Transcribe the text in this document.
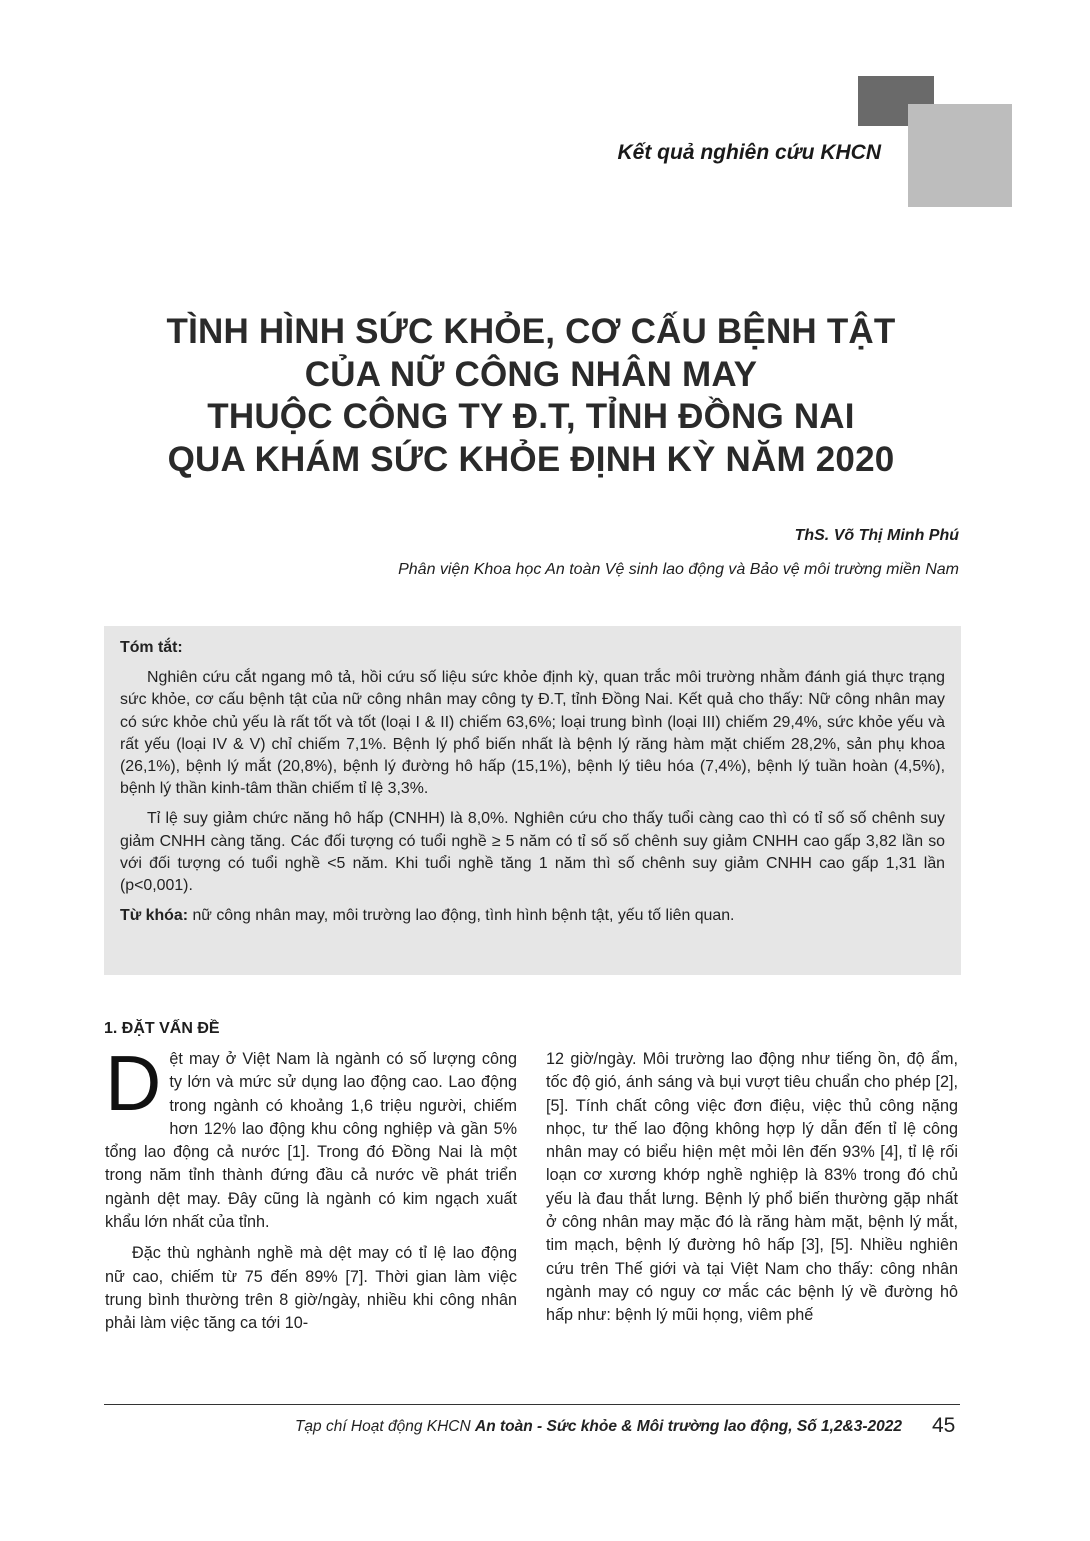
Kết quả nghiên cứu KHCN
TÌNH HÌNH SỨC KHỎE, CƠ CẤU BỆNH TẬT
CỦA NỮ CÔNG NHÂN MAY
THUỘC CÔNG TY Đ.T, TỈNH ĐỒNG NAI
QUA KHÁM SỨC KHỎE ĐỊNH KỲ NĂM 2020
ThS. Võ Thị Minh Phú
Phân viện Khoa học An toàn Vệ sinh lao động và Bảo vệ môi trường miền Nam
Tóm tắt:

Nghiên cứu cắt ngang mô tả, hồi cứu số liệu sức khỏe định kỳ, quan trắc môi trường nhằm đánh giá thực trạng sức khỏe, cơ cấu bệnh tật của nữ công nhân may công ty Đ.T, tỉnh Đồng Nai. Kết quả cho thấy: Nữ công nhân may có sức khỏe chủ yếu là rất tốt và tốt (loại I & II) chiếm 63,6%; loại trung bình (loại III) chiếm 29,4%, sức khỏe yếu và rất yếu (loại IV & V) chỉ chiếm 7,1%. Bệnh lý phổ biến nhất là bệnh lý răng hàm mặt chiếm 28,2%, sản phụ khoa (26,1%), bệnh lý mắt (20,8%), bệnh lý đường hô hấp (15,1%), bệnh lý tiêu hóa (7,4%), bệnh lý tuần hoàn (4,5%), bệnh lý thần kinh-tâm thần chiếm tỉ lệ 3,3%.

Tỉ lệ suy giảm chức năng hô hấp (CNHH) là 8,0%. Nghiên cứu cho thấy tuổi càng cao thì có tỉ số số chênh suy giảm CNHH càng tăng. Các đối tượng có tuổi nghề ≥ 5 năm có tỉ số số chênh suy giảm CNHH cao gấp 3,82 lần so với đối tượng có tuổi nghề <5 năm. Khi tuổi nghề tăng 1 năm thì số chênh suy giảm CNHH cao gấp 1,31 lần (p<0,001).

Từ khóa: nữ công nhân may, môi trường lao động, tình hình bệnh tật, yếu tố liên quan.

1. ĐẶT VẤN ĐỀ

Dệt may ở Việt Nam là ngành có số lượng công ty lớn và mức sử dụng lao động cao. Lao động trong ngành có khoảng 1,6 triệu người, chiếm hơn 12% lao động khu công nghiệp và gần 5% tổng lao động cả nước [1]. Trong đó Đồng Nai là một trong năm tỉnh thành đứng đầu cả nước về phát triển ngành dệt may. Đây cũng là ngành có kim ngạch xuất khẩu lớn nhất của tỉnh.

Đặc thù nghành nghề mà dệt may có tỉ lệ lao động nữ cao, chiếm từ 75 đến 89% [7]. Thời gian làm việc trung bình thường trên 8 giờ/ngày, nhiều khi công nhân phải làm việc tăng ca tới 10-

12 giờ/ngày. Môi trường lao động như tiếng ồn, độ ẩm, tốc độ gió, ánh sáng và bụi vượt tiêu chuẩn cho phép [2], [5]. Tính chất công việc đơn điệu, việc thủ công nặng nhọc, tư thế lao động không hợp lý dẫn đến tỉ lệ công nhân may có biểu hiện mệt mỏi lên đến 93% [4], tỉ lệ rối loạn cơ xương khớp nghề nghiệp là 83% trong đó chủ yếu là đau thắt lưng. Bệnh lý phổ biến thường gặp nhất ở công nhân may mặc đó là răng hàm mặt, bệnh lý mắt, tim mạch, bệnh lý đường hô hấp [3], [5]. Nhiều nghiên cứu trên Thế giới và tại Việt Nam cho thấy: công nhân ngành may có nguy cơ mắc các bệnh lý về đường hô hấp như: bệnh lý mũi họng, viêm phế

Tạp chí Hoạt động KHCN An toàn - Sức khỏe & Môi trường lao động, Số 1,2&3-2022 45
